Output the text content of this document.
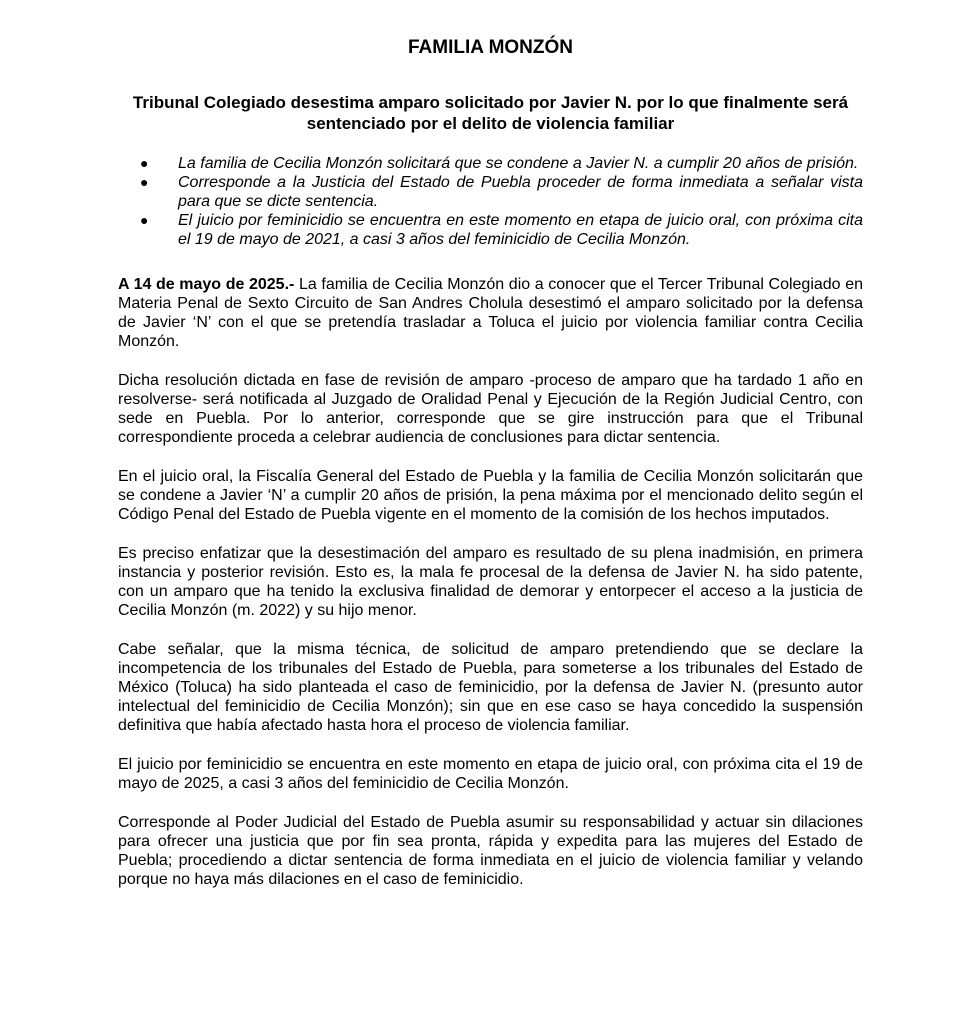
FAMILIA MONZÓN
Tribunal Colegiado desestima amparo solicitado por Javier N. por lo que finalmente será sentenciado por el delito de violencia familiar
● La familia de Cecilia Monzón solicitará que se condene a Javier N. a cumplir 20 años de prisión.
● Corresponde a la Justicia del Estado de Puebla proceder de forma inmediata a señalar vista para que se dicte sentencia.
● El juicio por feminicidio se encuentra en este momento en etapa de juicio oral, con próxima cita el 19 de mayo de 2021, a casi 3 años del feminicidio de Cecilia Monzón.

A 14 de mayo de 2025.- La familia de Cecilia Monzón dio a conocer que el Tercer Tribunal Colegiado en Materia Penal de Sexto Circuito de San Andres Cholula desestimó el amparo solicitado por la defensa de Javier ‘N’ con el que se pretendía trasladar a Toluca el juicio por violencia familiar contra Cecilia Monzón.

Dicha resolución dictada en fase de revisión de amparo -proceso de amparo que ha tardado 1 año en resolverse- será notificada al Juzgado de Oralidad Penal y Ejecución de la Región Judicial Centro, con sede en Puebla. Por lo anterior, corresponde que se gire instrucción para que el Tribunal correspondiente proceda a celebrar audiencia de conclusiones para dictar sentencia.

En el juicio oral, la Fiscalía General del Estado de Puebla y la familia de Cecilia Monzón solicitarán que se condene a Javier ‘N’ a cumplir 20 años de prisión, la pena máxima por el mencionado delito según el Código Penal del Estado de Puebla vigente en el momento de la comisión de los hechos imputados.

Es preciso enfatizar que la desestimación del amparo es resultado de su plena inadmisión, en primera instancia y posterior revisión. Esto es, la mala fe procesal de la defensa de Javier N. ha sido patente, con un amparo que ha tenido la exclusiva finalidad de demorar y entorpecer el acceso a la justicia de Cecilia Monzón (m. 2022) y su hijo menor.

Cabe señalar, que la misma técnica, de solicitud de amparo pretendiendo que se declare la incompetencia de los tribunales del Estado de Puebla, para someterse a los tribunales del Estado de México (Toluca) ha sido planteada el caso de feminicidio, por la defensa de Javier N. (presunto autor intelectual del feminicidio de Cecilia Monzón); sin que en ese caso se haya concedido la suspensión definitiva que había afectado hasta hora el proceso de violencia familiar.

El juicio por feminicidio se encuentra en este momento en etapa de juicio oral, con próxima cita el 19 de mayo de 2025, a casi 3 años del feminicidio de Cecilia Monzón.

Corresponde al Poder Judicial del Estado de Puebla asumir su responsabilidad y actuar sin dilaciones para ofrecer una justicia que por fin sea pronta, rápida y expedita para las mujeres del Estado de Puebla; procediendo a dictar sentencia de forma inmediata en el juicio de violencia familiar y velando porque no haya más dilaciones en el caso de feminicidio.
